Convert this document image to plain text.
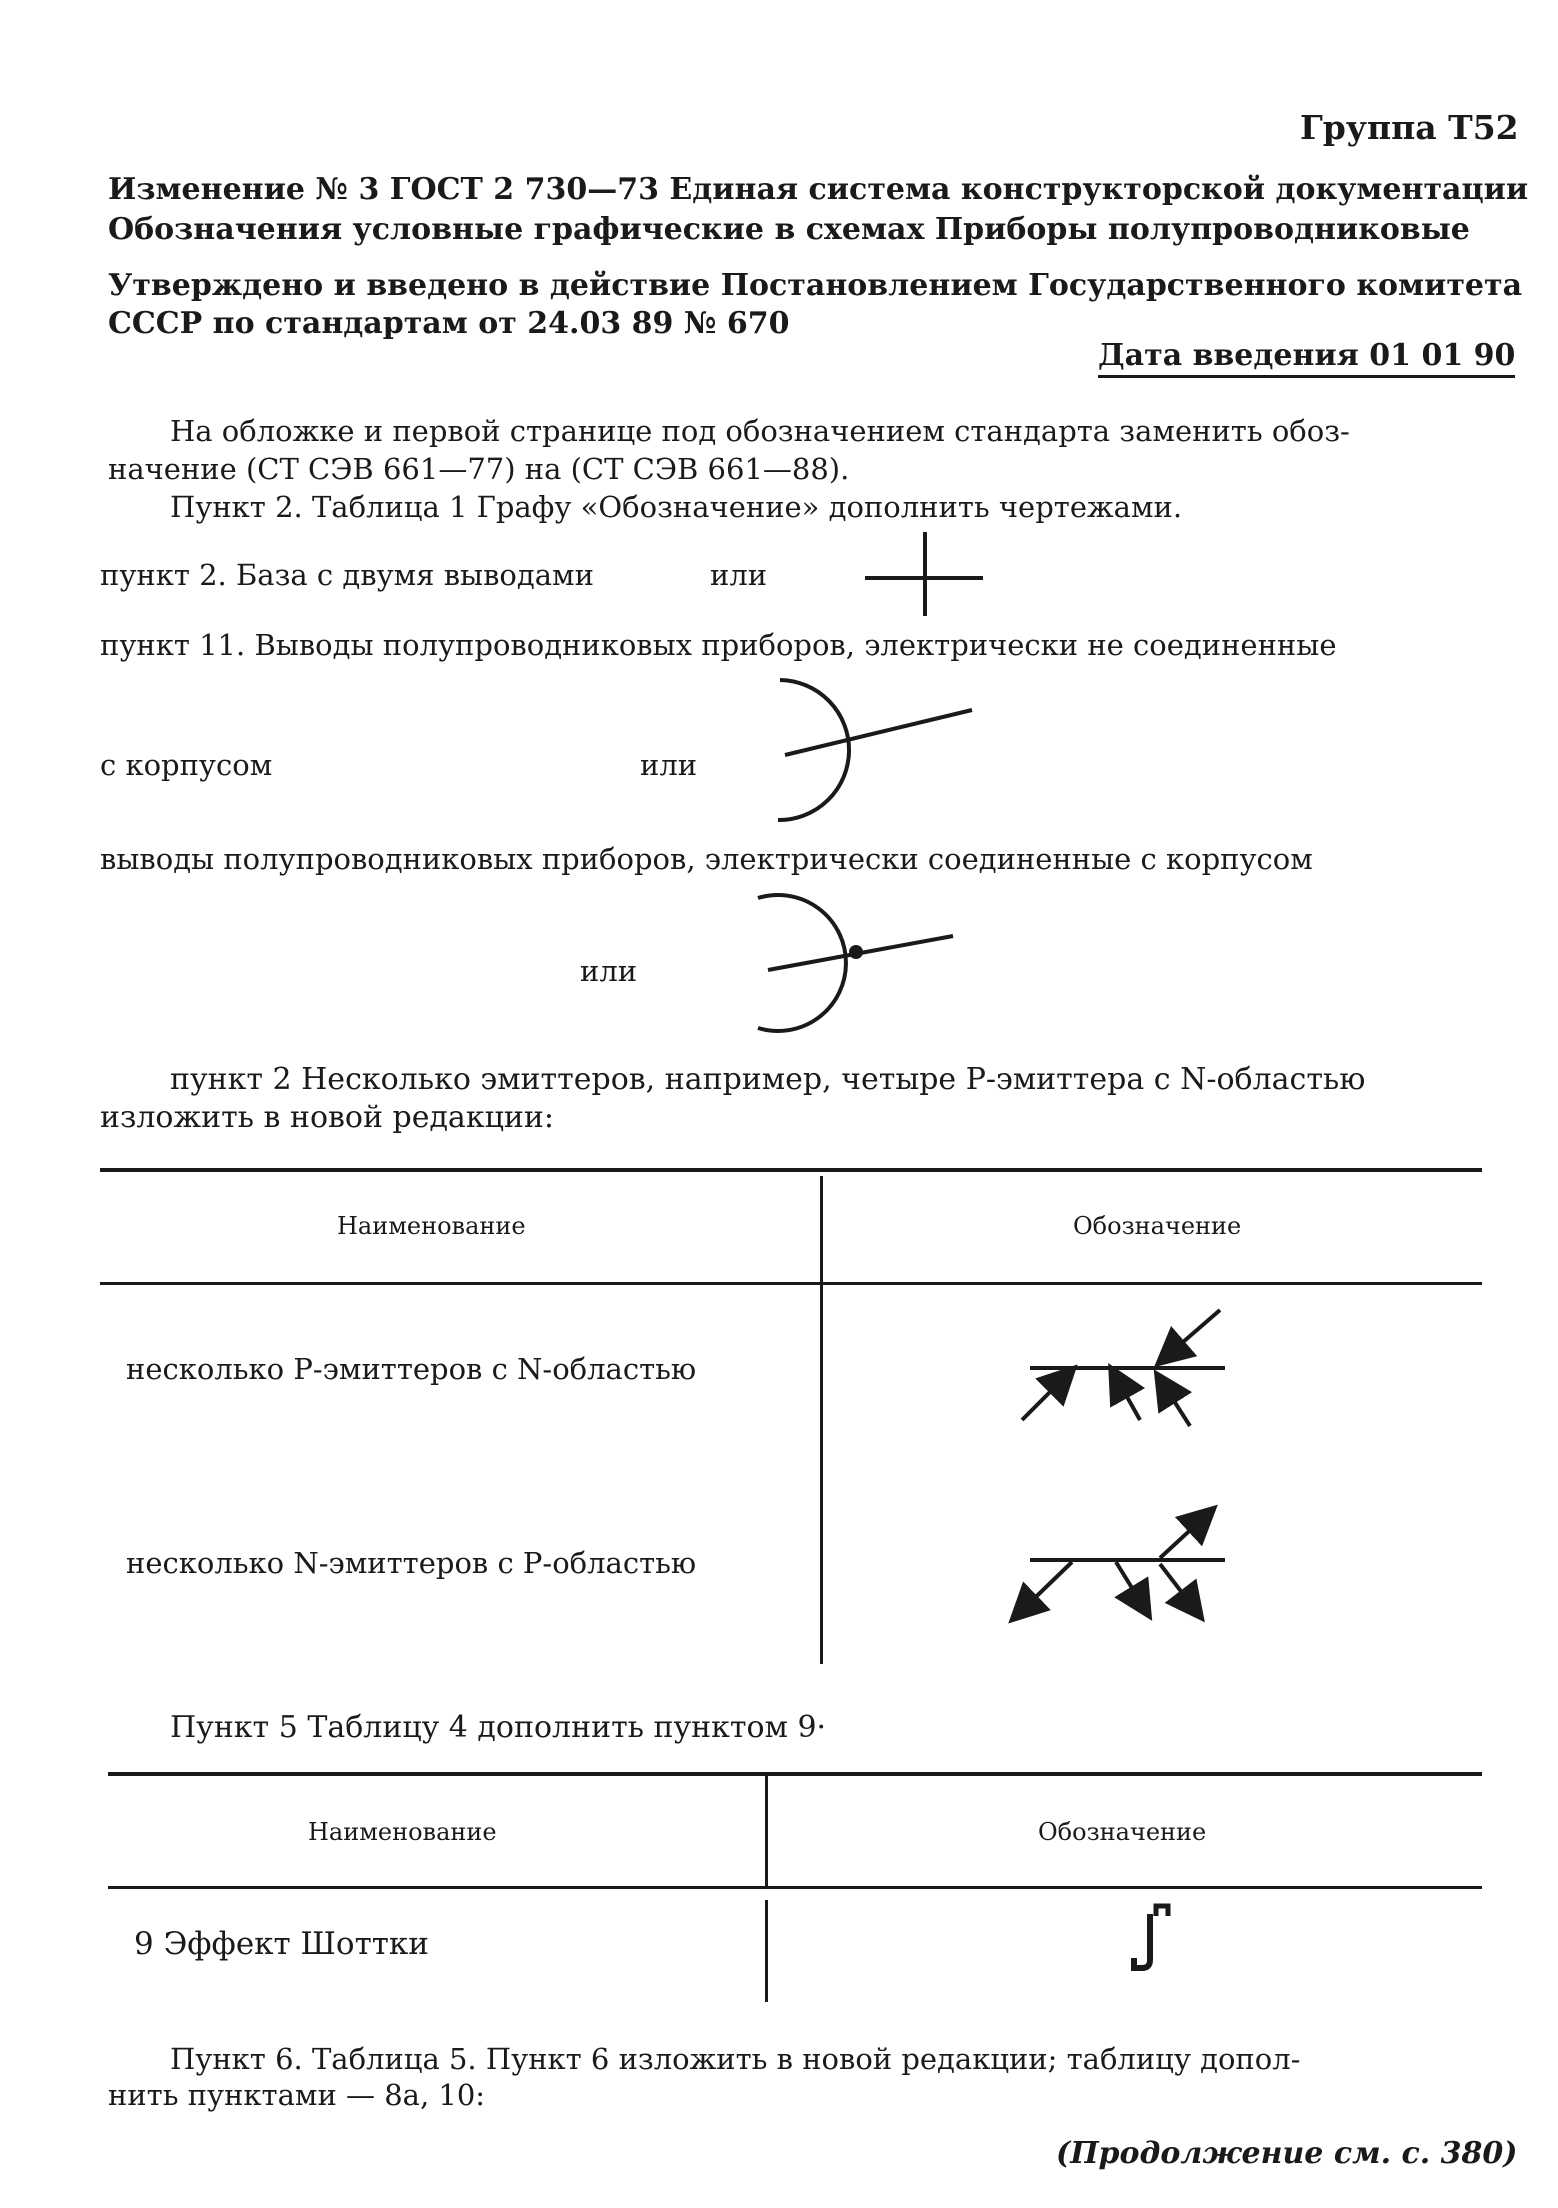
Группа Т52
Изменение № 3 ГОСТ 2 730—73 Единая система конструкторской документации
Обозначения условные графические в схемах Приборы полупроводниковые
Утверждено и введено в действие Постановлением Государственного комитета
СССР по стандартам от 24.03 89 № 670
Дата введения 01 01 90
На обложке и первой странице под обозначением стандарта заменить обоз-
начение (СТ СЭВ 661—77) на (СТ СЭВ 661—88).
Пункт 2. Таблица 1 Графу «Обозначение» дополнить чертежами.
пункт 2. База с двумя выводами	или
пункт 11. Выводы полупроводниковых приборов, электрически не соединенные
с корпусом	или
выводы полупроводниковых приборов, электрически соединенные с корпусом
или
пункт 2 Несколько эмиттеров, например, четыре Р-эмиттера с N-областью
изложить в новой редакции:
Наименование	Обозначение
несколько Р-эмиттеров с N-областью
несколько N-эмиттеров с Р-областью
Пункт 5 Таблицу 4 дополнить пунктом 9·
Наименование	Обозначение
9 Эффект Шоттки
Пункт 6. Таблица 5. Пункт 6 изложить в новой редакции; таблицу допол-
нить пунктами — 8а, 10:
(Продолжение см. с. 380)
